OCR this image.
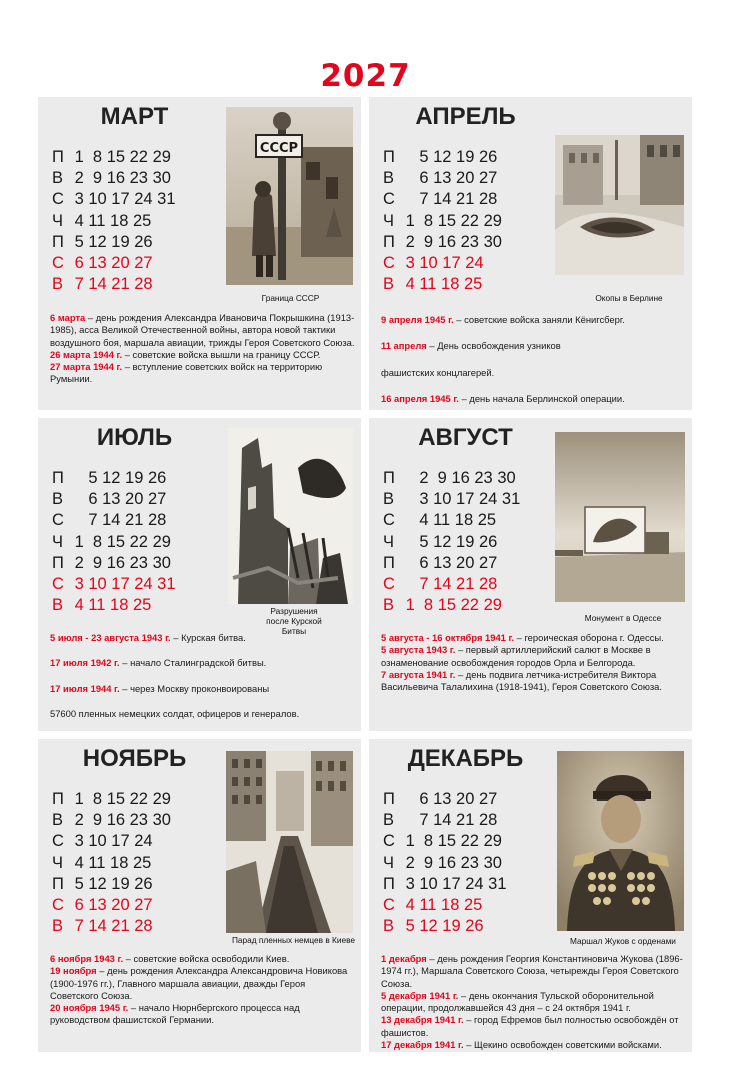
2027
МАРТ
П 1  8 15 22 29
В 2  9 16 23 30
С 3 10 17 24 31
Ч 4 11 18 25
П 5 12 19 26
С 6 13 20 27
В 7 14 21 28
СССР
Граница СССР

6 марта – день рождения Александра Ивановича Покрышкина (1913-1985), асса Великой Отечественной войны, автора новой тактики воздушного боя, маршала авиации, трижды Героя Советского Союза.

26 марта 1944 г. – советские войска вышли на границу СССР.

27 марта 1944 г. – вступление советских войск на территорию Румынии.

АПРЕЛЬ
П    5 12 19 26
В    6 13 20 27
С    7 14 21 28
Ч 1  8 15 22 29
П 2  9 16 23 30
С 3 10 17 24
В 4 11 18 25
Окопы в Берлине

9 апреля 1945 г. – советские войска заняли Кёнигсберг.

11 апреля – День освобождения узников

фашистских концлагерей.

16 апреля 1945 г. – день начала Берлинской операции.

ИЮЛЬ
П    5 12 19 26
В    6 13 20 27
С    7 14 21 28
Ч 1  8 15 22 29
П 2  9 16 23 30
С 3 10 17 24 31
В 4 11 18 25	Разрушения после Курской Битвы

5 июля - 23 августа 1943 г. – Курская битва.

17 июля 1942 г. – начало Сталинградской битвы.

17 июля 1944 г. – через Москву проконвоированы

57600 пленных немецких солдат, офицеров и генералов.

АВГУСТ
П    2  9 16 23 30
В    3 10 17 24 31
С    4 11 18 25
Ч    5 12 19 26
П    6 13 20 27
С    7 14 21 28
В 1  8 15 22 29
Монумент в Одессе

5 августа - 16 октября 1941 г. – героическая оборона г. Одессы.

5 августа 1943 г. – первый артиллерийский салют в Москве в ознаменование освобождения городов Орла и Белгорода.

7 августа 1941 г. – день подвига летчика-истребителя Виктора Васильевича Талалихина (1918-1941), Героя Советского Союза.

НОЯБРЬ
П 1  8 15 22 29
В 2  9 16 23 30
С 3 10 17 24
Ч 4 11 18 25
П 5 12 19 26
С 6 13 20 27
В 7 14 21 28
Парад пленных немцев в Киеве

6 ноября 1943 г. – советские войска освободили Киев.

19 ноября – день рождения Александра Александровича Новикова (1900-1976 гг.), Главного маршала авиации, дважды Героя Советского Союза.

20 ноября 1945 г. – начало Нюрнбергского процесса над руководством фашистской Германии.

ДЕКАБРЬ
П    6 13 20 27
В    7 14 21 28
С 1  8 15 22 29
Ч 2  9 16 23 30
П 3 10 17 24 31
С 4 11 18 25
В 5 12 19 26
Маршал Жуков с орденами

1 декабря – день рождения Георгия Константиновича Жукова (1896-1974 гг.), Маршала Советского Союза, четырежды Героя Советского Союза.

5 декабря 1941 г. – день окончания Тульской оборонительной операции, продолжавшейся 43 дня – с 24 октября 1941 г.

13 декабря 1941 г. – город Ефремов был полностью освобождён от фашистов.

17 декабря 1941 г. – Щекино освобожден советскими войсками.
